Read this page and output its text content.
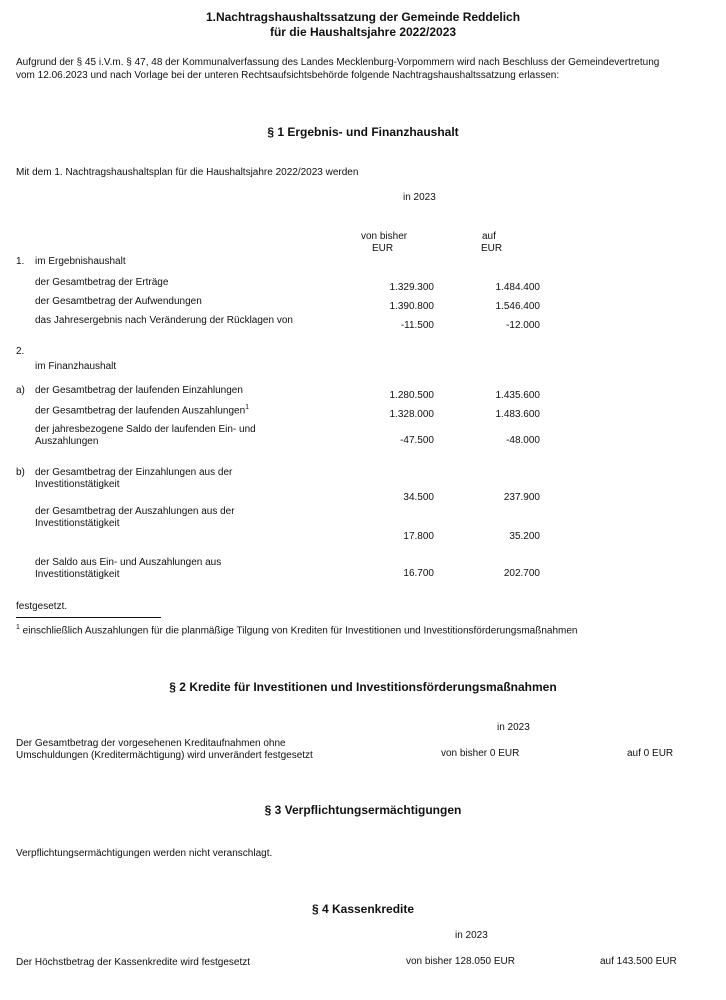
1.Nachtragshaushaltssatzung der Gemeinde Reddelich
für die Haushaltsjahre 2022/2023
Aufgrund der § 45 i.V.m. § 47, 48 der Kommunalverfassung des Landes Mecklenburg-Vorpommern wird nach Beschluss der Gemeindevertretung
vom 12.06.2023 und nach Vorlage bei der unteren Rechtsaufsichtsbehörde folgende Nachtragshaushaltssatzung erlassen:
§ 1 Ergebnis- und Finanzhaushalt
Mit dem 1. Nachtragshaushaltsplan für die Haushaltsjahre 2022/2023 werden
in 2023
von bisher	auf
EUR	EUR
1. im Ergebnishaushalt
der Gesamtbetrag der Erträge	1.329.300	1.484.400
der Gesamtbetrag der Aufwendungen	1.390.800	1.546.400
das Jahresergebnis nach Veränderung der Rücklagen von	-11.500	-12.000
2.
im Finanzhaushalt
a) der Gesamtbetrag der laufenden Einzahlungen	1.280.500	1.435.600
der Gesamtbetrag der laufenden Auszahlungen$^1$
1.328.000	1.483.600
der jahresbezogene Saldo der laufenden Ein- und
Auszahlungen	-47.500	-48.000
b) der Gesamtbetrag der Einzahlungen aus der
Investitionstätigkeit
34.500	237.900
der Gesamtbetrag der Auszahlungen aus der
Investitionstätigkeit
17.800	35.200
der Saldo aus Ein- und Auszahlungen aus
Investitionstätigkeit	16.700	202.700
festgesetzt.
$^1$ einschließlich Auszahlungen für die planmäßige Tilgung von Krediten für Investitionen und Investitionsförderungsmaßnahmen
§ 2 Kredite für Investitionen und Investitionsförderungsmaßnahmen
in 2023
Der Gesamtbetrag der vorgesehenen Kreditaufnahmen ohne
Umschuldungen (Kreditermächtigung) wird unverändert festgesetzt	von bisher 0 EUR	auf 0 EUR
§ 3 Verpflichtungsermächtigungen
Verpflichtungsermächtigungen werden nicht veranschlagt.
§ 4 Kassenkredite
in 2023
Der Höchstbetrag der Kassenkredite wird festgesetzt	von bisher 128.050 EUR	auf 143.500 EUR
